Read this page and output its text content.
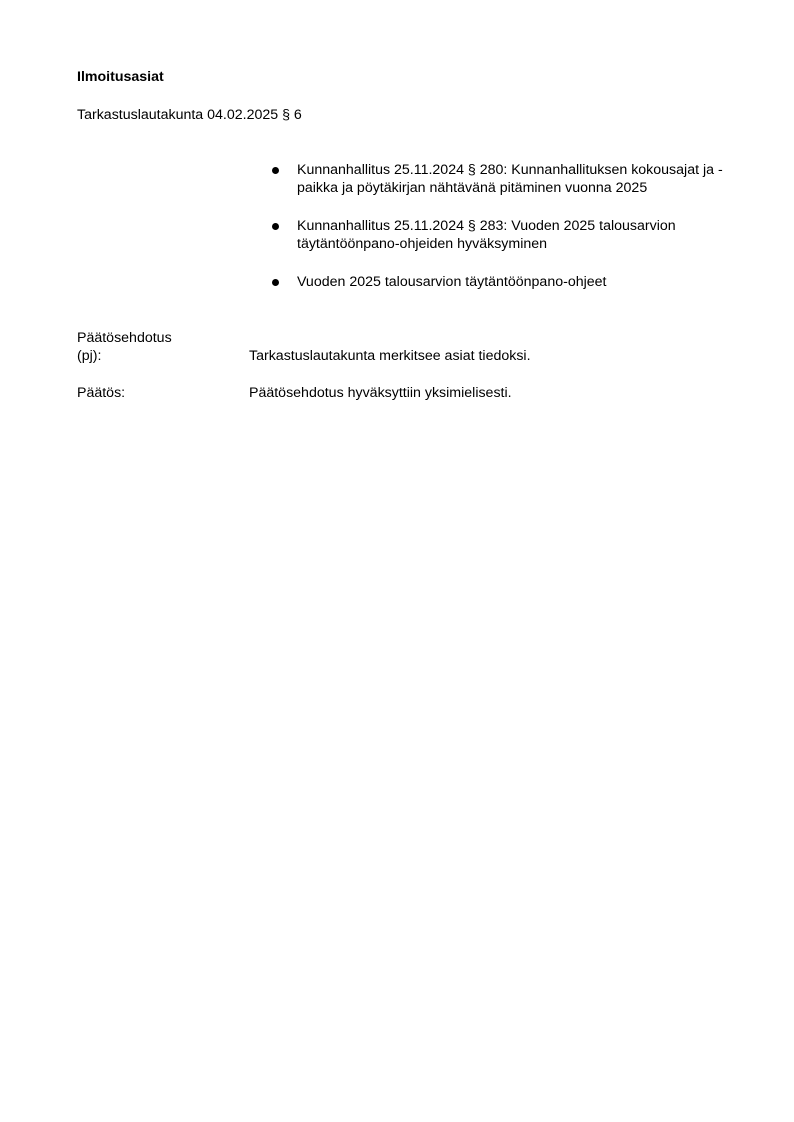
Ilmoitusasiat
Tarkastuslautakunta 04.02.2025 § 6
Kunnanhallitus 25.11.2024 § 280: Kunnanhallituksen kokousajat ja -paikka ja pöytäkirjan nähtävänä pitäminen vuonna 2025
Kunnanhallitus 25.11.2024 § 283: Vuoden 2025 talousarvion täytäntöönpano-ohjeiden hyväksyminen
Vuoden 2025 talousarvion täytäntöönpano-ohjeet
Päätösehdotus
(pj):	Tarkastuslautakunta merkitsee asiat tiedoksi.
Päätös:	Päätösehdotus hyväksyttiin yksimielisesti.
